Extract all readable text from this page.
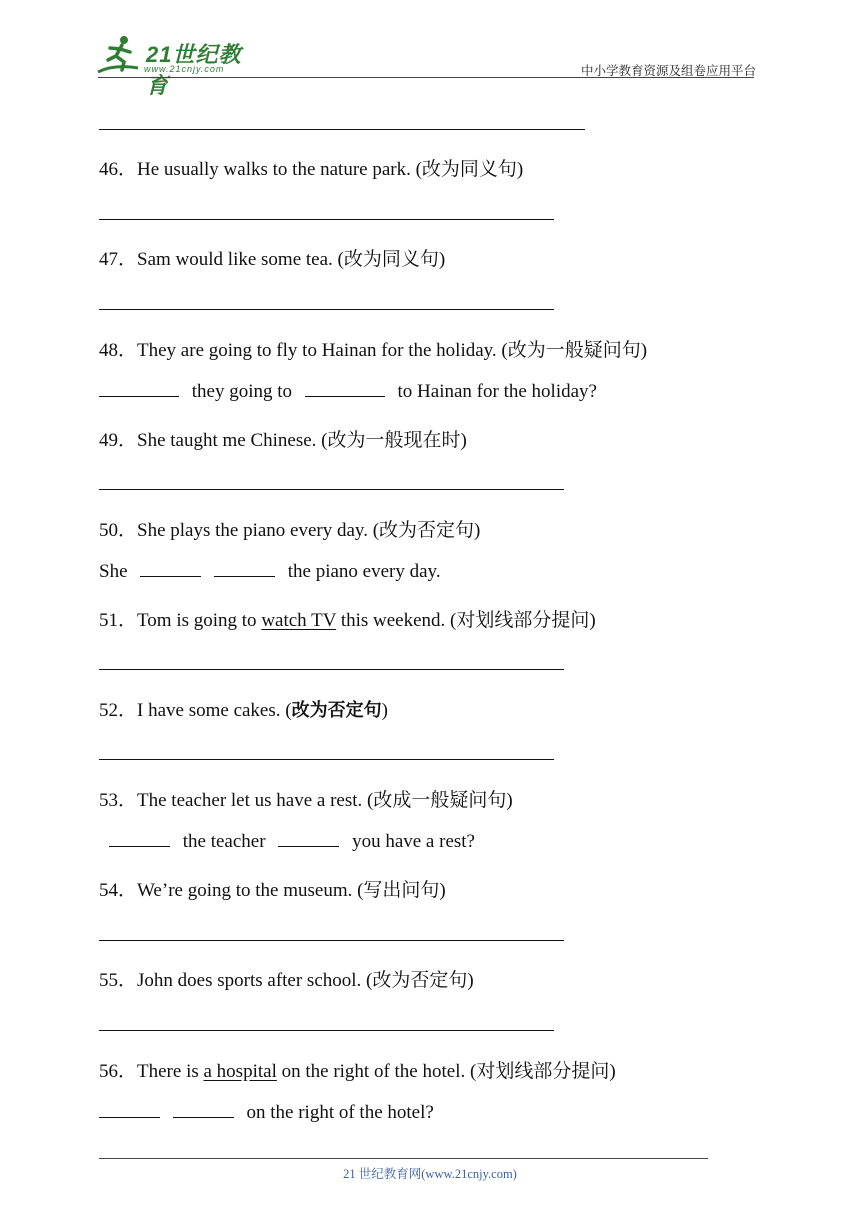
21世纪教育
www.21cnjy.com	中小学教育资源及组卷应用平台
46．He usually walks to the nature park. (改为同义句)
47．Sam would like some tea. (改为同义句)
48．They are going to fly to Hainan for the holiday. (改为一般疑问句)
they going to	to Hainan for the holiday?
49．She taught me Chinese. (改为一般现在时)
50．She plays the piano every day. (改为否定句)
She	the piano every day.
51．Tom is going to watch TV this weekend. (对划线部分提问)
52．I have some cakes. (改为否定句)
53．The teacher let us have a rest. (改成一般疑问句)
the teacher	you have a rest?
54．We’re going to the museum. (写出问句)
55．John does sports after school. (改为否定句)
56．There is a hospital on the right of the hotel. (对划线部分提问)
on the right of the hotel?
21 世纪教育网(www.21cnjy.com)
